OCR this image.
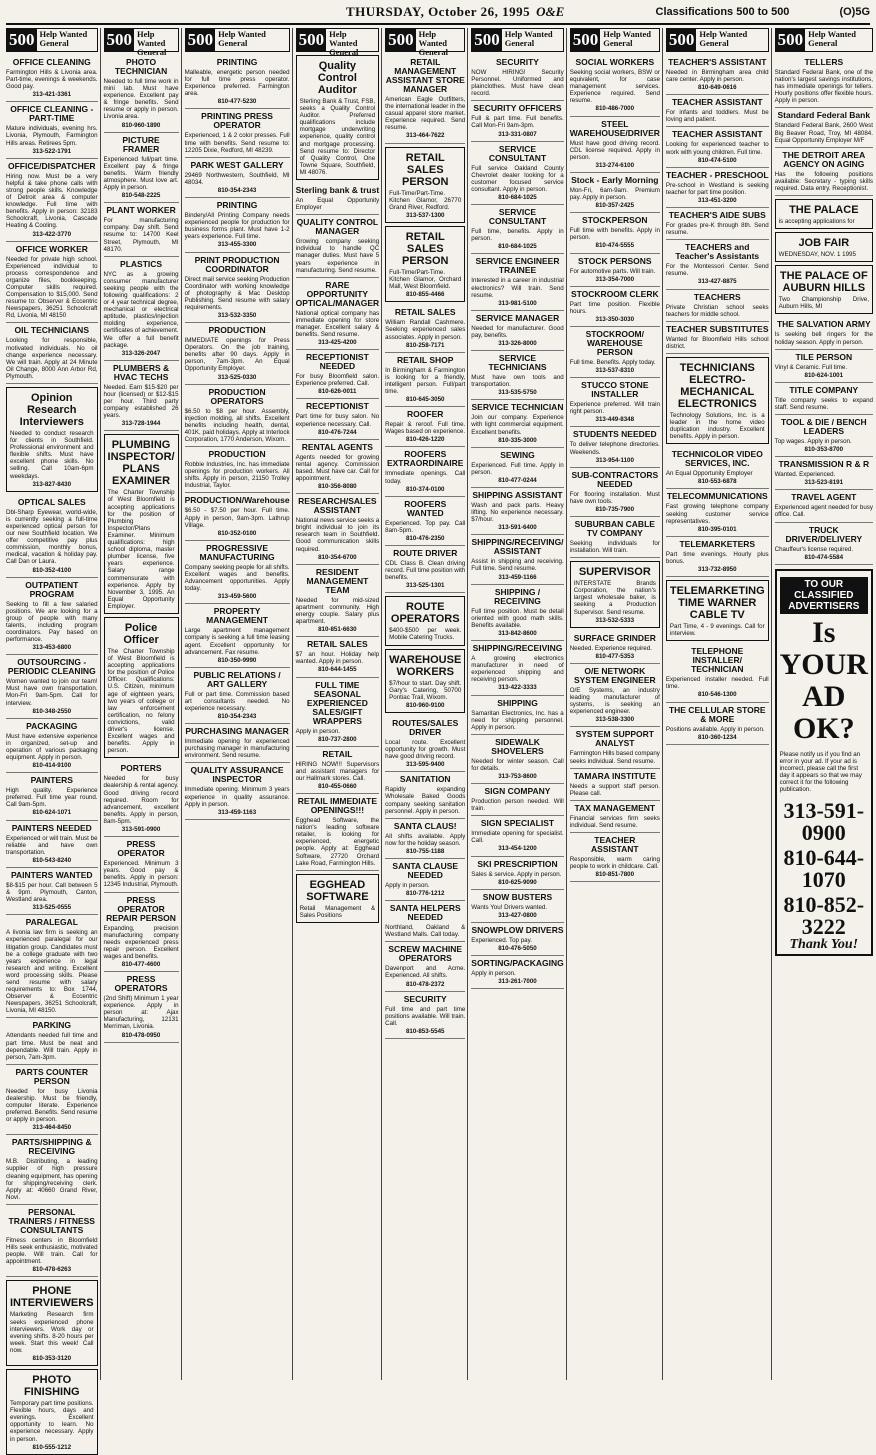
THURSDAY, October 26, 1995 O&E	Classifications 500 to 500	(O)5G
500 Help Wanted
General
OFFICE CLEANING

Farmington Hills & Livonia area. Part-time, evenings & weekends. Good pay.

313-421-3361
OFFICE CLEANING - PART-TIME

Mature individuals, evening hrs. Livonia, Plymouth, Farmington Hills areas. Retirees 5pm.

313-522-1791
OFFICE/DISPATCHER

Hiring now. Must be a very helpful & take phone calls with strong people skills. Knowledge of Detroit area & computer knowledge. Full time with benefits. Apply in person: 32183 Schoolcraft, Livonia, Cascade Heating & Cooling.

313-422-3770
OFFICE WORKER

Needed for private high school. Experienced individual to process correspondence and organize files, bookkeeping. Computer skills required. Compensation to $15,000. Send resume to: Observer & Eccentric Newspapers, 36251 Schoolcraft Rd, Livonia, MI 48150

OIL TECHNICIANS

Looking for responsible, motivated individuals. No oil change experience necessary. We will train. Apply at 24 Minute Oil Change, 8000 Ann Arbor Rd, Plymouth.

Opinion Research Interviewers

Needed to conduct research for clients in Southfield. Professional environment and flexible shifts. Must have excellent phone skills. No selling. Call 10am-6pm weekdays.

313-827-8430
OPTICAL SALES

Dbl-Sharp Eyewear, world-wide, is currently seeking a full-time experienced optical person for our new Southfield location. We offer competitive pay plus commission, monthly bonus, medical, vacation & holiday pay. Call Dan or Laura.

810-352-4100
OUTPATIENT PROGRAM

Seeking to fill a few salaried positions. We are looking for a group of people with many talents, including program coordinators. Pay based on performance.

313-453-6800
OUTSOURCING - PERIODIC CLEANING

Women wanted to join our team! Must have own transportation. Mon-Fri 9am-5pm. Call for interview.

810-348-2550
PACKAGING

Must have extensive experience in organized, set-up and operation of various packaging equipment. Apply in person.

810-414-9100
PAINTERS

High quality. Experience preferred. Full time year round. Call 9am-5pm.

810-624-1071
PAINTERS NEEDED

Experienced or will train. Must be reliable and have own transportation.

810-543-8240
PAINTERS WANTED

$8-$15 per hour. Call between 5 & 9pm. Plymouth, Canton, Westland area.

313-525-0555
PARALEGAL

A livonia law firm is seeking an experienced paralegal for our litigation group. Candidates must be a college graduate with two years experience in legal research and writing. Excellent word processing skills. Please send resume with salary requirements to: Box 1744, Observer & Eccentric Newspapers, 36251 Schoolcraft, Livonia, MI 48150.

PARKING

Attendants needed full time and part time. Must be neat and dependable. Will train. Apply in person, 7am-3pm.

PARTS COUNTER PERSON

Needed for busy Livonia dealership. Must be friendly, computer literate. Experience preferred. Benefits. Send resume or apply in person.

313-464-8450
PARTS/SHIPPING & RECEIVING

M.B. Distributing, a leading supplier of high pressure cleaning equipment, has opening for shipping/receiving clerk. Apply at: 40660 Grand River, Novi.

PERSONAL TRAINERS / FITNESS CONSULTANTS

Fitness centers in Bloomfield Hills seek enthusiastic, motivated people. Will train. Call for appointment.

810-478-6263
PHONE INTERVIEWERS

Marketing Research firm seeks experienced phone interviewers. Work day or evening shifts. 8-20 hours per week. Start this week! Call now.

810-353-3120
PHOTO FINISHING

Temporary part time positions. Flexible hours, days and evenings. Excellent opportunity to learn. No experience necessary. Apply in person.

810-555-1212
500 Help Wanted
General
PHOTO TECHNICIAN

Needed to full time work in mini lab. Must have experience. Excellent pay & fringe benefits. Send resume or apply in person. Livonia area.

810-960-1890
PICTURE FRAMER

Experienced full/part time. Excellent pay & fringe benefits. Warm friendly atmosphere. Must love art. Apply in person.

810-548-2225
PLANT WORKER

For manufacturing company. Day shift. Send resume to: 14700 Keel Street, Plymouth, MI 48170.

PLASTICS

NYC as a growing consumer manufacturer seeking people with the following qualifications: 2 or 4 year technical degree, mechanical or electrical aptitude, plastics/injection molding experience, certificates of achievement. We offer a full benefit package.

313-326-2047
PLUMBERS & HVAC TECHS

Needed. Earn $15-$20 per hour (licensed) or $12-$15 per hour. Third party company established 26 years.

313-728-1944
PLUMBING INSPECTOR/ PLANS EXAMINER

The Charter Township of West Bloomfield is accepting applications for the position of Plumbing Inspector/Plans Examiner. Minimum qualifications: high school diploma, master plumber license, five years experience. Salary range commensurate with experience. Apply by November 3, 1995. An Equal Opportunity Employer.

Police Officer

The Charter Township of West Bloomfield is accepting applications for the position of Police Officer. Qualifications: U.S. Citizen, minimum age of eighteen years, two years of college or law enforcement certification, no felony convictions, valid driver's license. Excellent wages and benefits. Apply in person.

PORTERS

Needed for busy dealership & rental agency. Good driving record required. Room for advancement, excellent benefits. Apply in person, 8am-5pm.

313-591-0900
PRESS OPERATOR

Experienced. Minimum 3 years. Good pay & benefits. Apply in person: 12345 Industrial, Plymouth.

PRESS OPERATOR REPAIR PERSON

Expanding, precision manufacturing company needs experienced press repair person. Excellent wages and benefits.

810-477-4600
PRESS OPERATORS

(2nd Shift) Minimum 1 year experience. Apply in person at: Ajax Manufacturing, 12131 Merriman, Livonia.

810-478-0950
500 Help Wanted
General
PRINTING

Malleable, energetic person needed for full time press operator. Experience preferred. Farmington area.

810-477-5230
PRINTING PRESS OPERATOR

Experienced, 1 & 2 color presses. Full time with benefits. Send resume to: 12205 Dixie, Redford, MI 48239.

PARK WEST GALLERY

29469 Northwestern, Southfield, MI 48034.

810-354-2343
PRINTING

Bindery/All Printing Company needs experienced people for production for business forms plant. Must have 1-2 years experience. Full time.

313-455-3300
PRINT PRODUCTION COORDINATOR

Direct mail service seeking Production Coordinator with working knowledge of photography & Mac Desktop Publishing. Send resume with salary requirements.

313-532-3350
PRODUCTION

IMMEDIATE openings for Press Operators. On the job training, benefits after 90 days. Apply in person, 7am-3pm. An Equal Opportunity Employer.

313-525-0330
PRODUCTION OPERATORS

$6.50 to $8 per hour. Assembly, injection molding, all shifts. Excellent benefits including health, dental, 401K, paid holidays. Apply at Interlock Corporation, 1770 Anderson, Wixom.

PRODUCTION

Robbie Industries, Inc. has immediate openings for production workers. All shifts. Apply in person, 21150 Trolley Industrial, Taylor.

PRODUCTION/Warehouse

$6.50 - $7.50 per hour. Full time. Apply in person, 9am-3pm. Lathrup Village.

810-352-0100
PROGRESSIVE MANUFACTURING

Company seeking people for all shifts. Excellent wages and benefits. Advancement opportunities. Apply today.

313-459-5600
PROPERTY MANAGEMENT

Large apartment management company is seeking a full time leasing agent. Excellent opportunity for advancement. Fax resume.

810-350-9990
PUBLIC RELATIONS / ART GALLERY

Full or part time. Commission based art consultants needed. No experience necessary.

810-354-2343
PURCHASING MANAGER

Immediate opening for experienced purchasing manager in manufacturing environment. Send resume.

QUALITY ASSURANCE INSPECTOR

Immediate opening. Minimum 3 years experience in quality assurance. Apply in person.

313-459-1163
500 Help Wanted
General
Quality Control Auditor

Sterling Bank & Trust, FSB, seeks a Quality Control Auditor. Preferred qualifications include mortgage underwriting experience, quality control and mortgage processing. Send resume to: Director of Quality Control, One Towne Square, Southfield, MI 48076.

Sterling bank & trust

An Equal Opportunity Employer

QUALITY CONTROL MANAGER

Growing company seeking individual to handle QC manager duties. Must have 5 years experience in manufacturing. Send resume.

RARE OPPORTUNITY OPTICAL/MANAGER

National optical company has immediate opening for store manager. Excellent salary & benefits. Send resume.

313-425-4200
RECEPTIONIST NEEDED

For busy Bloomfield salon. Experience preferred. Call.

810-626-0011
RECEPTIONIST

Part time for busy salon. No experience necessary. Call.

810-476-7244
RENTAL AGENTS

Agents needed for growing rental agency. Commission based. Must have car. Call for appointment.

810-356-8080
RESEARCH/SALES ASSISTANT

National news service seeks a bright individual to join its research team in Southfield. Good communication skills required.

810-354-6700
RESIDENT MANAGEMENT TEAM

Needed for mid-sized apartment community. High energy couple. Salary plus apartment.

810-851-6630
RETAIL SALES

$7 an hour. Holiday help wanted. Apply in person.

810-644-1455
FULL TIME SEASONAL EXPERIENCED SALES/GIFT WRAPPERS

Apply in person.

810-737-2800
RETAIL

HIRING NOW!!! Supervisors and assistant managers for our Hallmark stores. Call.

810-455-0660
RETAIL IMMEDIATE OPENINGS!!!

Egghead Software, the nation's leading software retailer, is looking for experienced, energetic people. Apply at: Egghead Software, 27720 Orchard Lake Road, Farmington Hills.

EGGHEAD SOFTWARE

Retail Management & Sales Positions

500 Help Wanted
General
RETAIL MANAGEMENT ASSISTANT STORE MANAGER

American Eagle Outfitters, the international leader in the casual apparel store market. Experience required. Send resume.

313-464-7622
RETAIL SALES PERSON

Full-Time/Part-Time. Kitchen Glamor, 26770 Grand River, Redford.

313-537-1300
RETAIL SALES PERSON

Full-Time/Part-Time. Kitchen Glamor, Orchard Mall, West Bloomfield.

810-855-4466
RETAIL SALES

William Randall Cashmere. Seeking experienced sales associates. Apply in person.

810-258-7171
RETAIL SHOP

In Birmingham & Farmington is looking for a friendly, intelligent person. Full/part time.

810-645-3050
ROOFER

Repair & reroof. Full time. Wages based on experience.

810-426-1220
ROOFERS EXTRAORDINAIRE

Immediate openings. Call today.

810-374-0100
ROOFERS WANTED

Experienced. Top pay. Call 8am-5pm.

810-476-2350
ROUTE DRIVER

CDL Class B. Clean driving record. Full time position with benefits.

313-525-1301
ROUTE OPERATORS

$400-$500 per week. Mobile Catering Trucks.

WAREHOUSE WORKERS

$7/hour to start. Day shift. Gary's Catering, 50700 Pontiac Trail, Wixom.

810-960-9100
ROUTES/SALES DRIVER

Local route. Excellent opportunity for growth. Must have good driving record.

313-595-9400
SANITATION

Rapidly expanding Wholesale Baked Goods company seeking sanitation personnel. Apply in person.

SANTA CLAUS!

All shifts available. Apply now for the holiday season.

810-755-1188
SANTA CLAUSE NEEDED

Apply in person.

810-776-1212
SANTA HELPERS NEEDED

Northland, Oakland & Westland Malls. Call today.

SCREW MACHINE OPERATORS

Davenport and Acme. Experienced. All shifts.

810-478-2372
SECURITY

Full time and part time positions available. Will train. Call.

810-853-5545
500 Help Wanted
General
SECURITY

NOW HIRING! Security Personnel. Uniformed and plainclothes. Must have clean record.

SECURITY OFFICERS

Full & part time. Full benefits. Call Mon-Fri 9am-3pm.

313-331-0807
SERVICE CONSULTANT

Full service Oakland County Chevrolet dealer looking for a customer focused service consultant. Apply in person.

810-684-1025
SERVICE CONSULTANT

Full time, benefits. Apply in person.

810-684-1025
SERVICE ENGINEER TRAINEE

Interested in a career in industrial electronics? Will train. Send resume.

313-981-5100
SERVICE MANAGER

Needed for manufacturer. Good pay, benefits.

313-326-8000
SERVICE TECHNICIANS

Must have own tools and transportation.

313-535-5750
SERVICE TECHNICIAN

Join our company. Experience with light commercial equipment. Excellent benefits.

810-335-3000
SEWING

Experienced. Full time. Apply in person.

810-477-0244
SHIPPING ASSISTANT

Wash and pack parts. Heavy lifting. No experience necessary. $7/hour.

313-591-6400
SHIPPING/RECEIVING/ ASSISTANT

Assist in shipping and receiving. Full time. Send resume.

313-459-1166
SHIPPING / RECEIVING

Full time position. Must be detail oriented with good math skills. Benefits available.

313-842-8600
SHIPPING/RECEIVING

A growing electronics manufacturer in need of experienced shipping and receiving person.

313-422-3333
SHIPPING

Samaritan Electronics, Inc. has a need for shipping personnel. Apply in person.

SIDEWALK SHOVELERS

Needed for winter season. Call for details.

313-753-8600
SIGN COMPANY

Production person needed. Will train.

SIGN SPECIALIST

Immediate opening for specialist. Call.

313-454-1200
SKI PRESCRIPTION

Sales & service. Apply in person.

810-625-9090
SNOW BUSTERS

Wants You! Drivers wanted.

313-427-0800
SNOWPLOW DRIVERS

Experienced. Top pay.

810-476-5050
SORTING/PACKAGING

Apply in person.

313-261-7000
500 Help Wanted
General
SOCIAL WORKERS

Seeking social workers, BSW or equivalent, for case management services. Experience required. Send resume.

810-486-7000
STEEL WAREHOUSE/DRIVER

Must have good driving record. CDL license required. Apply in person.

313-274-6100
Stock - Early Morning

Mon-Fri, 6am-9am. Premium pay. Apply in person.

810-357-2425
STOCKPERSON

Full time with benefits. Apply in person.

810-474-5555
STOCK PERSONS

For automotive parts. Will train.

313-354-7000
STOCKROOM CLERK

Part time position. Flexible hours.

313-350-3030
STOCKROOM/ WAREHOUSE PERSON

Full time. Benefits. Apply today.

313-537-8310
STUCCO STONE INSTALLER

Experience preferred. Will train right person.

313-449-8348
STUDENTS NEEDED

To deliver telephone directories. Weekends.

313-954-1100
SUB-CONTRACTORS NEEDED

For flooring installation. Must have own tools.

810-735-7900
SUBURBAN CABLE TV COMPANY

Seeking individuals for installation. Will train.

SUPERVISOR

INTERSTATE Brands Corporation, the nation's largest wholesale baker, is seeking a Production Supervisor. Send resume.

313-532-5333
SURFACE GRINDER

Needed. Experience required.

810-477-5353
O/E NETWORK SYSTEM ENGINEER

O/E Systems, an industry leading manufacturer of systems, is seeking an experienced engineer.

313-538-3300
SYSTEM SUPPORT ANALYST

Farmington Hills based company seeks individual. Send resume.

TAMARA INSTITUTE

Needs a support staff person. Please call.

TAX MANAGEMENT

Financial services firm seeks individual. Send resume.

TEACHER ASSISTANT

Responsible, warm caring people to work in childcare. Call.

810-851-7800
500 Help Wanted
General
TEACHER'S ASSISTANT

Needed in Birmingham area child care center. Apply in person.

810-649-0616
TEACHER ASSISTANT

For infants and toddlers. Must be loving and patient.

TEACHER ASSISTANT

Looking for experienced teacher to work with young children. Full time.

810-474-5100
TEACHER - PRESCHOOL

Pre-school in Westland is seeking teacher for part time position.

313-451-3200
TEACHER'S AIDE SUBS

For grades pre-K through 8th. Send resume.

TEACHERS and Teacher's Assistants

For the Montessori Center. Send resume.

313-427-8875
TEACHERS

Private Christian school seeks teachers for middle school.

TEACHER SUBSTITUTES

Wanted for Bloomfield Hills school district.

TECHNICIANS ELECTRO-MECHANICAL ELECTRONICS

Technology Solutions, Inc. is a leader in the home video duplication industry. Excellent benefits. Apply in person.

TECHNICOLOR VIDEO SERVICES, INC.

An Equal Opportunity Employer

810-553-6878
TELECOMMUNICATIONS

Fast growing telephone company seeking customer service representatives.

810-395-0101
TELEMARKETERS

Part time evenings. Hourly plus bonus.

313-732-8950
TELEMARKETING TIME WARNER CABLE TV

Part Time, 4 - 9 evenings. Call for interview.

TELEPHONE INSTALLER/ TECHNICIAN

Experienced installer needed. Full time.

810-546-1300
THE CELLULAR STORE & MORE

Positions available. Apply in person.

810-360-1234
500 Help Wanted
General
TELLERS

Standard Federal Bank, one of the nation's largest savings institutions, has immediate openings for tellers. Hourly positions offer flexible hours. Apply in person.

Standard Federal Bank

Standard Federal Bank, 2600 West Big Beaver Road, Troy, MI 48084. Equal Opportunity Employer M/F

THE DETROIT AREA AGENCY ON AGING

Has the following positions available: Secretary - typing skills required. Data entry. Receptionist.

THE PALACE

is accepting applications for

JOB FAIR

WEDNESDAY, NOV. 1 1995

THE PALACE OF AUBURN HILLS

Two Championship Drive, Auburn Hills, MI

THE SALVATION ARMY

Is seeking bell ringers for the holiday season. Apply in person.

TILE PERSON

Vinyl & Ceramic. Full time.

810-624-1001
TITLE COMPANY

Title company seeks to expand staff. Send resume.

TOOL & DIE / BENCH LEADERS

Top wages. Apply in person.

810-353-8700
TRANSMISSION R & R

Wanted. Experienced.

313-523-8191
TRAVEL AGENT

Experienced agent needed for busy office. Call.

TRUCK DRIVER/DELIVERY

Chauffeur's license required.

810-474-5584
TO OUR CLASSIFIED ADVERTISERS
Is YOUR AD OK?

Please notify us if you find an error in your ad. If your ad is incorrect, please call the first day it appears so that we may correct it for the following publication.

313-591-0900
810-644-1070
810-852-3222
Thank You!
